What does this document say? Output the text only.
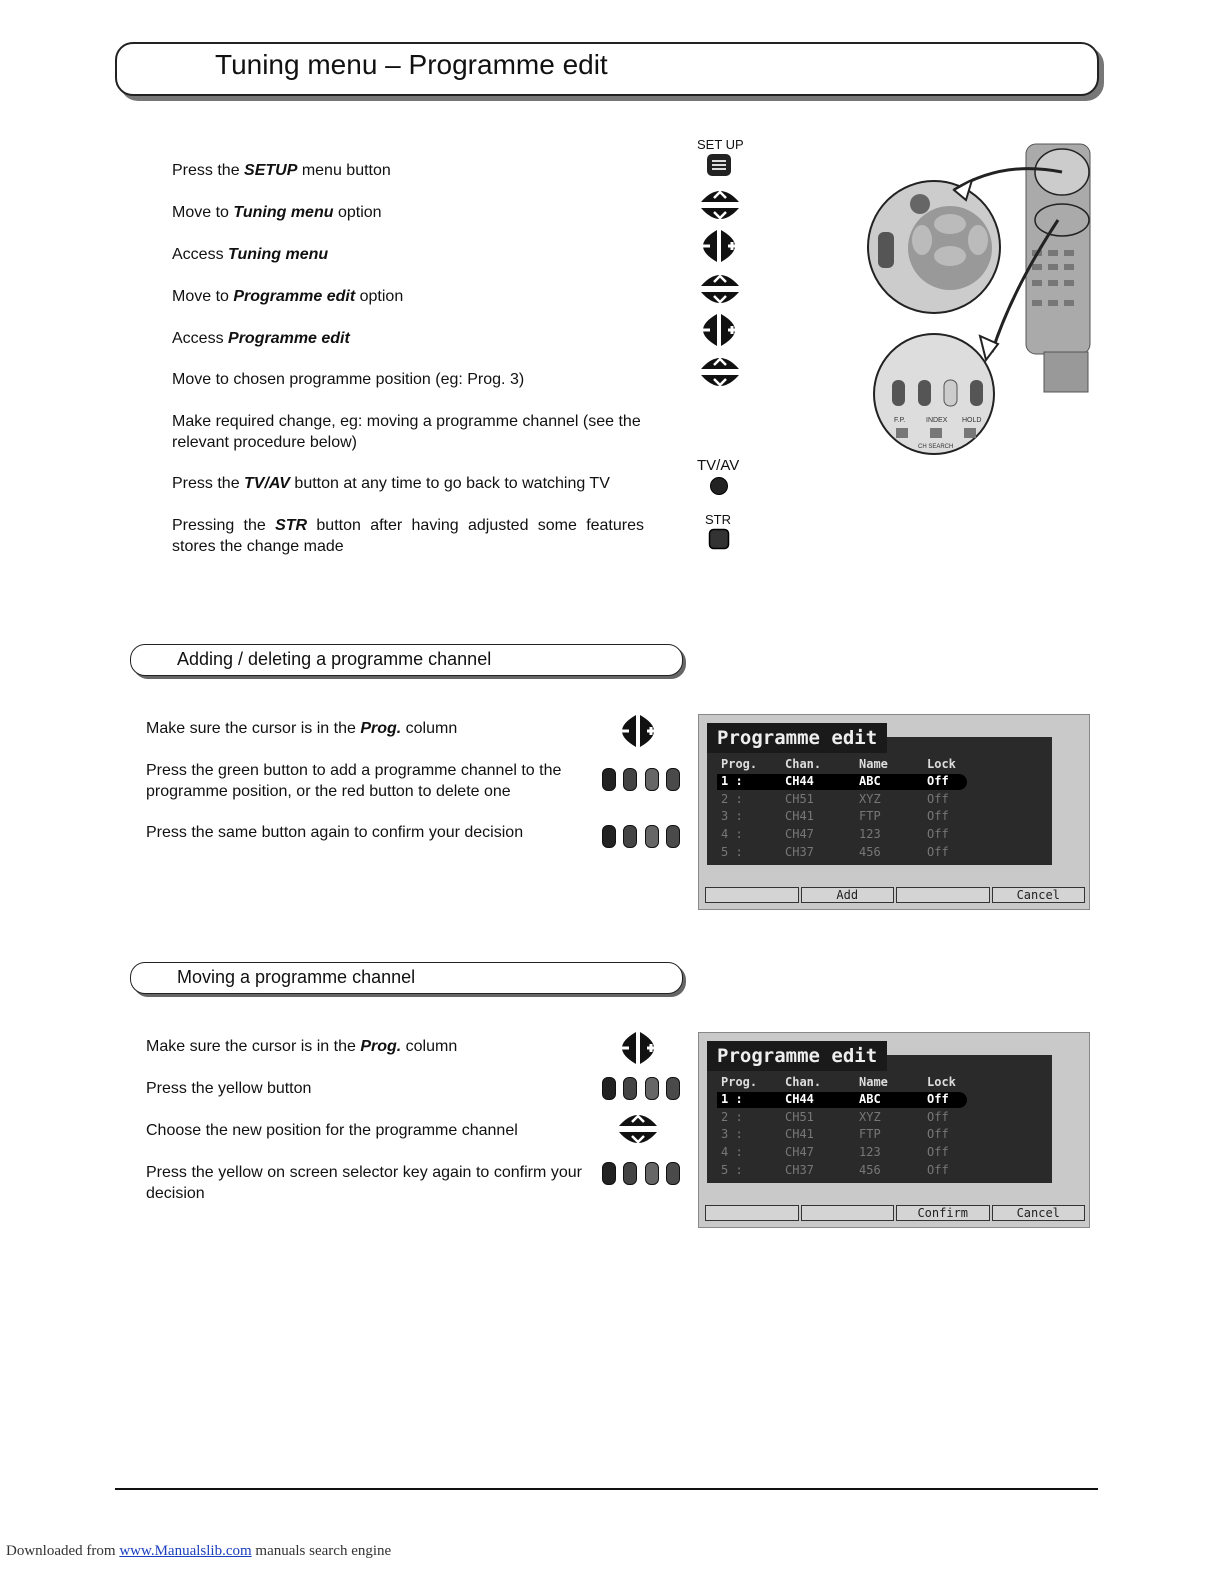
Tuning menu – Programme edit
Press the SETUP menu button
Move to Tuning menu option
Access Tuning menu
Move to Programme edit option
Access Programme edit
Move to chosen programme position (eg: Prog. 3)
Make required change, eg: moving a programme channel (see the relevant procedure below)
Press the TV/AV button at any time to go back to watching TV
Pressing the STR button after having adjusted some features stores the change made
SET UP
TV/AV
STR
F.P.	INDEX HOLD
CH SEARCH
Adding / deleting a programme channel
Make sure the cursor is in the Prog. column
Press the green button to add a programme channel to the programme position, or the red button to delete one
Press the same button again to confirm your decision
Programme edit
Prog. Chan.	Name	Lock
1 :	CH44	ABC	Off
2 :	CH51	XYZ	Off
3 :	CH41	FTP	Off
4 :	CH47	123	Off
5 :	CH37	456	Off
Add	Cancel
Moving a programme channel
Make sure the cursor is in the Prog. column
Press the yellow button
Choose the new position for the programme channel
Press the yellow on screen selector key again to confirm your decision
Programme edit
Prog. Chan.	Name	Lock
1 :	CH44	ABC	Off
2 :	CH51	XYZ	Off
3 :	CH41	FTP	Off
4 :	CH47	123	Off
5 :	CH37	456	Off
Confirm	Cancel
Downloaded from www.Manualslib.com manuals search engine
